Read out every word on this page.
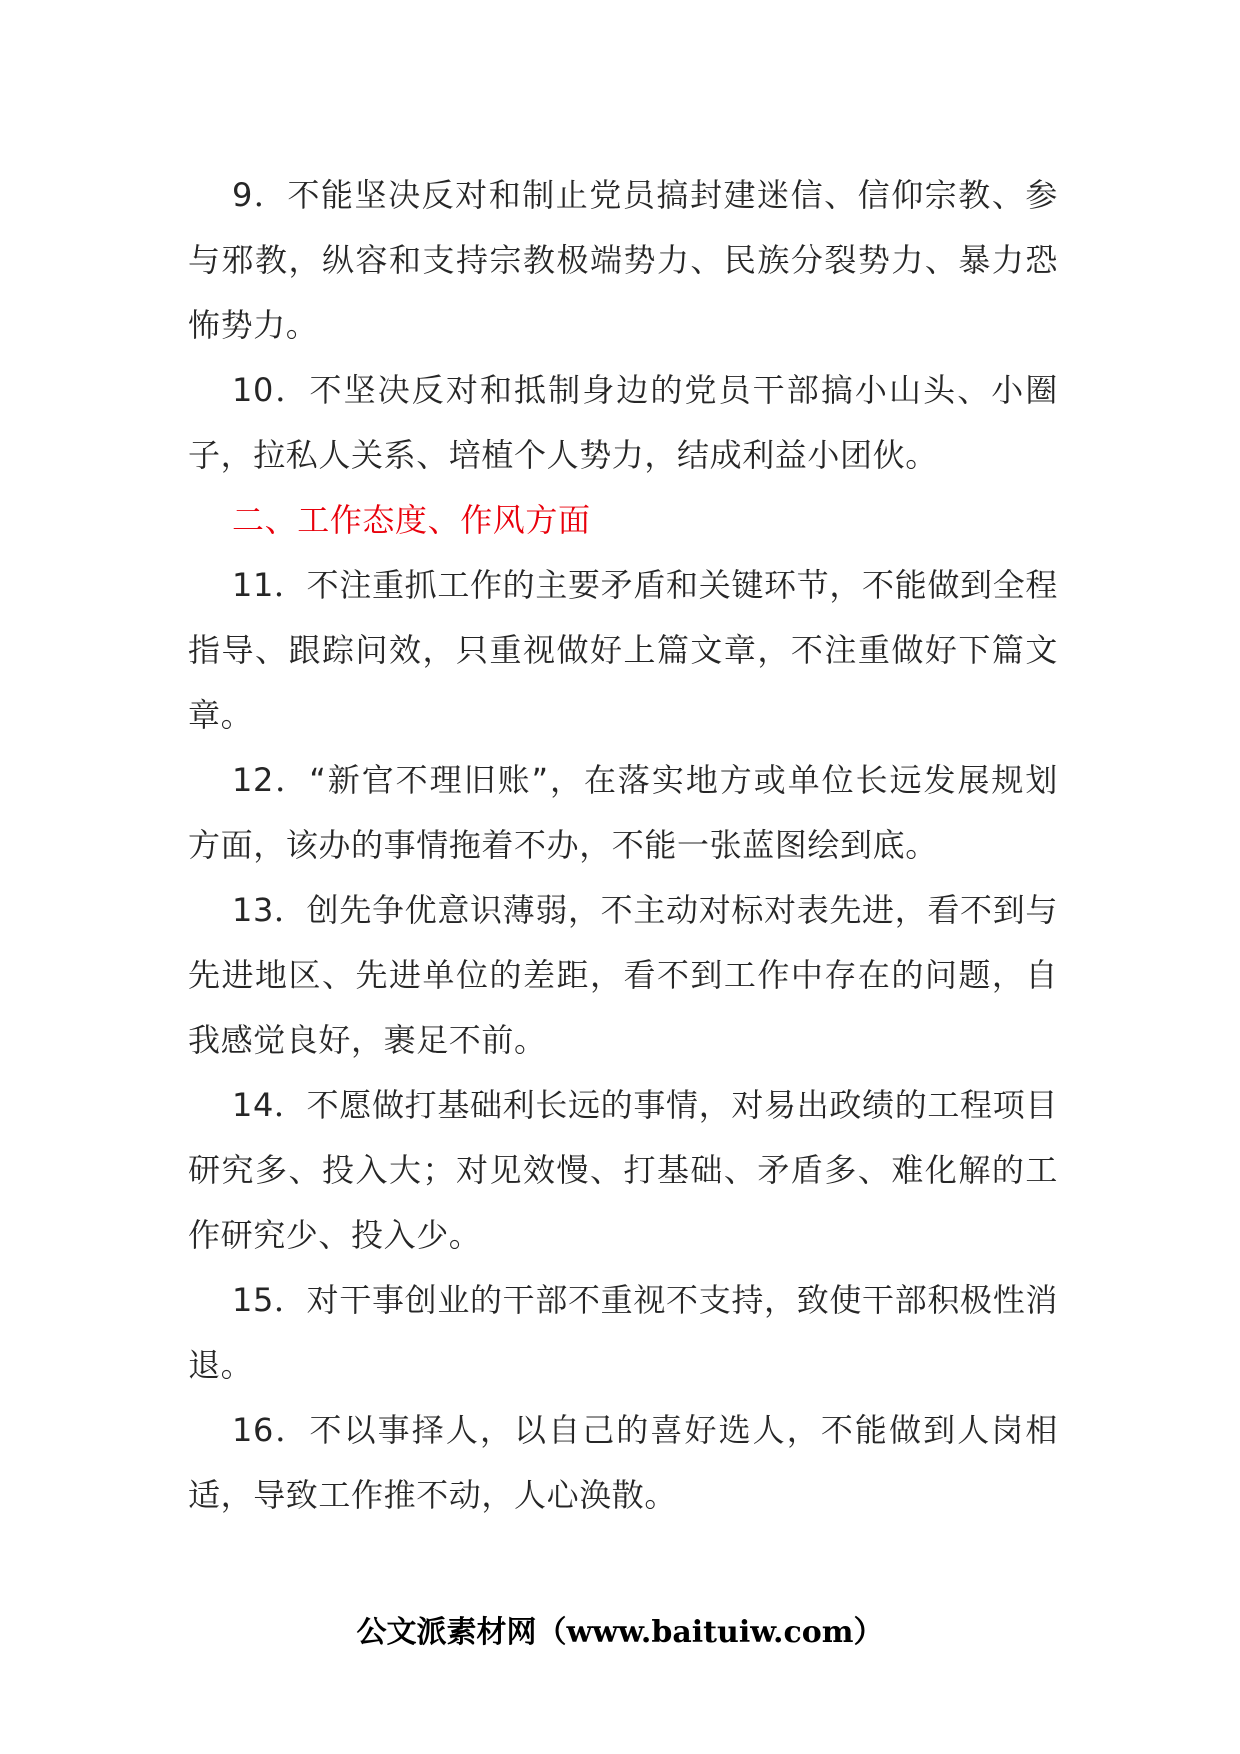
9．不能坚决反对和制止党员搞封建迷信、信仰宗教、参与邪教，纵容和支持宗教极端势力、民族分裂势力、暴力恐怖势力。

10．不坚决反对和抵制身边的党员干部搞小山头、小圈子，拉私人关系、培植个人势力，结成利益小团伙。

二、工作态度、作风方面

11．不注重抓工作的主要矛盾和关键环节，不能做到全程指导、跟踪问效，只重视做好上篇文章，不注重做好下篇文章。

12．“新官不理旧账”，在落实地方或单位长远发展规划方面，该办的事情拖着不办，不能一张蓝图绘到底。

13．创先争优意识薄弱，不主动对标对表先进，看不到与先进地区、先进单位的差距，看不到工作中存在的问题，自我感觉良好，裹足不前。

14．不愿做打基础利长远的事情，对易出政绩的工程项目研究多、投入大；对见效慢、打基础、矛盾多、难化解的工作研究少、投入少。

15．对干事创业的干部不重视不支持，致使干部积极性消退。

16．不以事择人，以自己的喜好选人，不能做到人岗相适，导致工作推不动，人心涣散。

公文派素材网（www.baituiw.com）
